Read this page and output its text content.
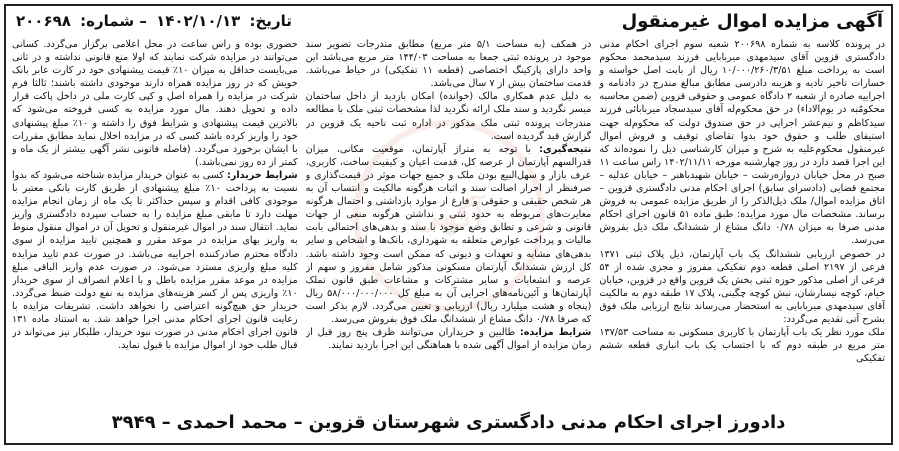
آگهی
آگهی مزایده اموال غیرمنقول
تاریخ: ۱۴۰۲/۱۰/۱۳ – شماره: ۲۰۰۶۹۸

در پرونده کلاسه به شماره ۲۰۰۶۹۸ شعبه سوم اجرای احکام مدنی دادگستری قزوین آقای سیدمهدی میربابایی فرزند سیدمحمد محکوم است به پرداخت مبلغ ۱۰/۰۰۰/۲۶۰/۳/۵۱ ریال از بابت اصل خواسته و خسارات تاخیر تادیه و هزینه دادرسی مطابق مبالغ مندرج در دادنامه و اجراییه صادره از شعبه ۲ دادگاه عمومی و حقوقی قزوین (ضمن محاسبه محکومٌبه در یوم‌الاداء) در حق محکوم‌له آقای سیدسجاد میربابائی فرزند سیدکاظم و نیم‌عشر اجرایی در حق صندوق دولت که محکوم‌له جهت استیفای طلب و حقوق خود بدوا تقاضای توقیف و فروش اموال غیرمنقول محکوم‌علیه به شرح و میزان کارشناسی ذیل را نموده‌اند که این اجرا قصد دارد در روز چهارشنبه مورخه ۱۴۰۲/۱۱/۱۱ راس ساعت ۱۱ صبح در محل خیابان دروازه‌رشت – خیابان شهیدباهنر – خیابان عدلیه – مجتمع قضایی (دادسرای سابق) اجرای احکام مدنی دادگستری قزوین – اتاق مزایده اموال/ ملک ذیل‌الذکر را از طریق مزایده عمومی به فروش برساند. مشخصات مال مورد مزایده: طبق ماده ۵۱ قانون اجرای احکام مدنی صرفا به میزان ۰/۷۸ دانگ مشاع از ششدانگ ملک ذیل بفروش می‌رسد.

در خصوص ارزیابی ششدانگ یک باب آپارتمان، ذیل پلاک ثبتی ۱۳۷۱ فرعی از ۲۱۹۷ اصلی قطعه دوم تفکیکی مفروز و مجزی شده از ۵۴ فرعی از اصلی مذکور حوزه ثبتی بخش یک قزوین واقع در قزوین، خیابان خیام، کوچه نیسارشان، نبش کوچه چگینی، پلاک ۱۷ طبقه دوم به مالکیت آقای سیدمهدی میربابایی به استحضار می‌رساند نتایج ارزیابی ملک فوق بشرح آتی تقدیم می‌گردد:

ملک مورد نظر یک باب آپارتمان با کاربری مسکونی به مساحت ۱۳۷/۵۳ متر مربع در طبقه دوم که با احتساب یک باب انباری قطعه ششم تفکیکی

در همکف (به مساحت ۵/۱ متر مربع) مطابق مندرجات تصویر سند موجود در پرونده ثبتی جمعا به مساحت ۱۴۴/۰۳ متر مربع می‌باشد این واحد دارای پارکینگ اختصاصی (قطعه ۱۱ تفکیکی) در حیاط می‌باشد. قدمت ساختمان بیش از ۷ سال می‌باشد.

به دلیل عدم همکاری مالک (خوانده) امکان بازدید از داخل ساختمان میسر نگردید و سند ملک ارائه نگردید لذا مشخصات ثبتی ملک با مطالعه مندرجات پرونده ثبتی ملک مذکور در اداره ثبت ناحیه یک قزوین در گزارش قید گردیده است.

نتیجه‌گیری: با توجه به متراژ آپارتمان، موقعیت مکانی، میزان قدرالسهم آپارتمان از عرصه کل، قدمت اعیان و کیفیت ساخت، کاربری، عرف بازار و سهل‌البیع بودن ملک و جمیع جهات موثر در قیمت‌گذاری و صرفنظر از احراز اصالت سند و اثبات هرگونه مالکیت و انتساب آن به هر شخص حقیقی و حقوقی و فارغ از موارد بازداشتی و احتمال هرگونه مغایرت‌های مربوطه به حدود ثبتی و نداشتن هرگونه منعی از جهات قانونی و شرعی و تطابق وضع موجود با سند و بدهی‌های احتمالی بابت مالیات و پرداخت عوارض متعلقه به شهرداری، بانک‌ها و اشخاص و سایر بدهی‌های مشابه و تعهدات و دیونی که ممکن است وجود داشته باشد. کل ارزش ششدانگ آپارتمان مسکونی مذکور شامل مفروز و سهم از عرصه و انشعابات و سایر مشترکات و مشاعات طبق قانون تملک آپارتمان‌ها و آئین‌نامه‌های اجرایی آن به مبلغ کل ۵۸/۰۰۰/۰۰۰/۰۰۰ ریال (پنجاه و هشت میلیارد ریال) ارزیابی و تعیین می‌گردد. لازم بذکر است که صرفا ۰/۷۸ دانگ مشاع از ششدانگ ملک فوق بفروش می‌رسد.

شرایط مزایده: طالبین و خریداران می‌توانند ظرف پنج روز قبل از زمان مزایده از اموال آگهی شده با هماهنگی این اجرا بازدید نمایند.

حضوری بوده و راس ساعت در محل اعلامی برگزار می‌گردد. کسانی می‌توانند در مزایده شرکت نمایند که اولا منع قانونی نداشته و در ثانی می‌بایست حداقل به میزان ۱۰٪ قیمت پیشنهادی خود در کارت عابر بانک خویش که در روز مزایده همراه دارند موجودی داشته باشند؛ ثالثا فرم شرکت در مزایده را همراه اصل و کپی کارت ملی در داخل پاکت قرار داده و تحویل دهند. مال مورد مزایده به کسی فروخته می‌شود که بالاترین قیمت پیشنهادی و شرایط فوق را داشته و ۱۰٪ مبلغ پیشنهادی خود را واریز کرده باشد کسی که در مزایده اخلال نماید مطابق مقررات با ایشان برخورد می‌گردد. (فاصله قانونی نشر آگهی بیشتر از یک ماه و کمتر از ده روز نمی‌باشد.)

شرایط خریدار: کسی به عنوان خریدار مزایده شناخته می‌شود که بدوا نسبت به پرداخت ۱۰٪ مبلغ پیشنهادی از طریق کارت بانکی معتبر با موجودی کافی اقدام و سپس حداکثر تا یک ماه از زمان انجام مزایده مهلت دارد تا مابقی مبلغ مزایده را به حساب سپرده دادگستری واریز نماید. انتقال سند در اموال غیرمنقول و تحویل آن در اموال منقول منوط به واریز بهای مزایده در موعد مقرر و همچنین تایید مزایده از سوی دادگاه محترم صادرکننده اجراییه می‌باشد. در صورت عدم تایید مزایده کلیه مبلغ واریزی مسترد می‌شود. در صورت عدم واریز الباقی مبلغ مزایده در موعد مقرر مزایده باطل و با اعلام انصراف از سوی خریدار ۱۰٪ واریزی پس از کسر هزینه‌های مزایده به نفع دولت ضبط می‌گردد. خریدار حق هیچ‌گونه اعتراضی را نخواهد داشت. تشریفات مزایده با رعایت قانون اجرای احکام مدنی اجرا خواهد شد. به استناد ماده ۱۳۱ قانون اجرای احکام مدنی در صورت نبود خریدار، طلبکار نیز می‌تواند در قبال طلب خود از اموال مزایده با قبول نماید.

دادورز اجرای احکام مدنی دادگستری شهرستان قزوین
–
محمد احمدی
–
۳۹۴۹
